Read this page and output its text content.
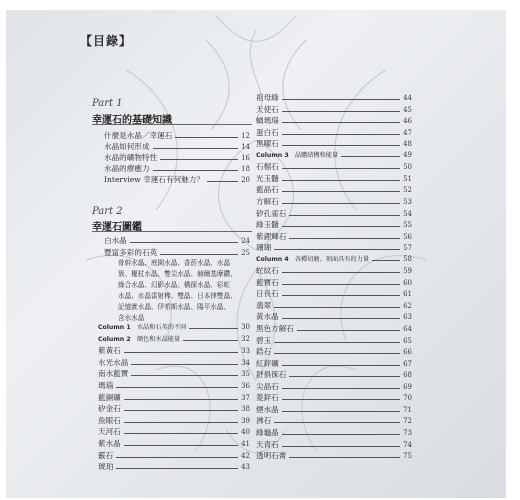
【目錄】
Part 1
幸運石的基礎知識
什麼是水晶／幸運石	12
水晶如何形成	14
水晶的礦物特性	16
水晶的療癒力	18
Interview 幸運石有何魅力？	20
Part 2
幸運石圖鑑
白水晶	24
豐富多彩的石英	25
骨幹水晶、庭園水晶、香菸水晶、水晶
簇、權杖水晶、雙尖水晶、赫爾基摩鑽、
綠合水晶、幻影水晶、構探水晶、彩虹
水晶、水晶雷射棒、雙晶、日本律雙晶、
記憶實水晶、伊希斯水晶、陽平水晶、
含水水晶
Column 1 水晶和石英的不同	30
Column 2 顏色和水晶能量	32
紫黃石	33
水光水晶	34
南水藍寶	35
瑪瑙	36
藍銅礦	37
矽金石	38
魚眼石	39
天河石	40
紫水晶	41
霰石	42
琥珀	43
祖母綠	44
天使石	45
蝸瑪瑙	46
蛋白石	47
黑曜石	48
Column 3 晶體結構和能量	49
石榴石	50
光玉髓	51
藍晶石	52
方解石	53
矽孔雀石	54
綠玉髓	55
紫鋰輝石	56
珊瑚	57
Column 4 各種切磨、刻面具有的力量	58
蛇紋石	59
藍寶石	60
日長石	61
翡翠	62
黃水晶	63
黑色方解石	64
碧玉	65
鋯石	66
紅鋅礦	67
舒俱徠石	68
尖晶石	69
菱鋅石	70
煙水晶	71
沸石	72
綠龜晶	73
天青石	74
透明石膏	75
